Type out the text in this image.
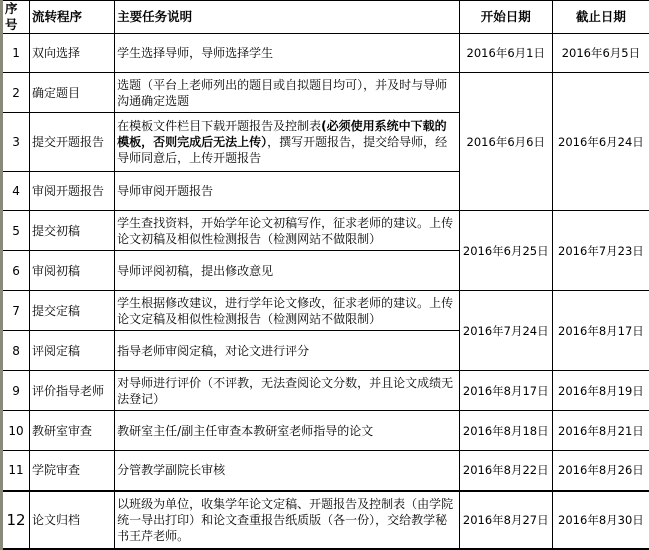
序号	流转程序	主要任务说明	开始日期	截止日期
1	双向选择	学生选择导师，导师选择学生	2016年6月1日	2016年6月5日
2	确定题目	选题（平台上老师列出的题目或自拟题目均可），并及时与导师沟通确定选题	2016年6月6日	2016年6月24日
3	提交开题报告	在模板文件栏目下载开题报告及控制表(必须使用系统中下载的模板，否则完成后无法上传），撰写开题报告，提交给导师，经导师同意后，上传开题报告		
4	审阅开题报告	导师审阅开题报告		
5	提交初稿	学生查找资料，开始学年论文初稿写作，征求老师的建议。上传论文初稿及相似性检测报告（检测网站不做限制）	2016年6月25日	2016年7月23日
6	审阅初稿	导师评阅初稿，提出修改意见		
7	提交定稿	学生根据修改建议，进行学年论文修改，征求老师的建议。上传论文定稿及相似性检测报告（检测网站不做限制）	2016年7月24日	2016年8月17日
8	评阅定稿	指导老师审阅定稿，对论文进行评分		
9	评价指导老师	对导师进行评价（不评教，无法查阅论文分数，并且论文成绩无法登记）	2016年8月17日	2016年8月19日
10	教研室审查	教研室主任/副主任审查本教研室老师指导的论文	2016年8月18日	2016年8月21日
11	学院审查	分管教学副院长审核	2016年8月22日	2016年8月26日
12	论文归档	以班级为单位，收集学年论文定稿、开题报告及控制表（由学院统一导出打印）和论文查重报告纸质版（各一份），交给教学秘书王芹老师。	2016年8月27日	2016年8月30日
